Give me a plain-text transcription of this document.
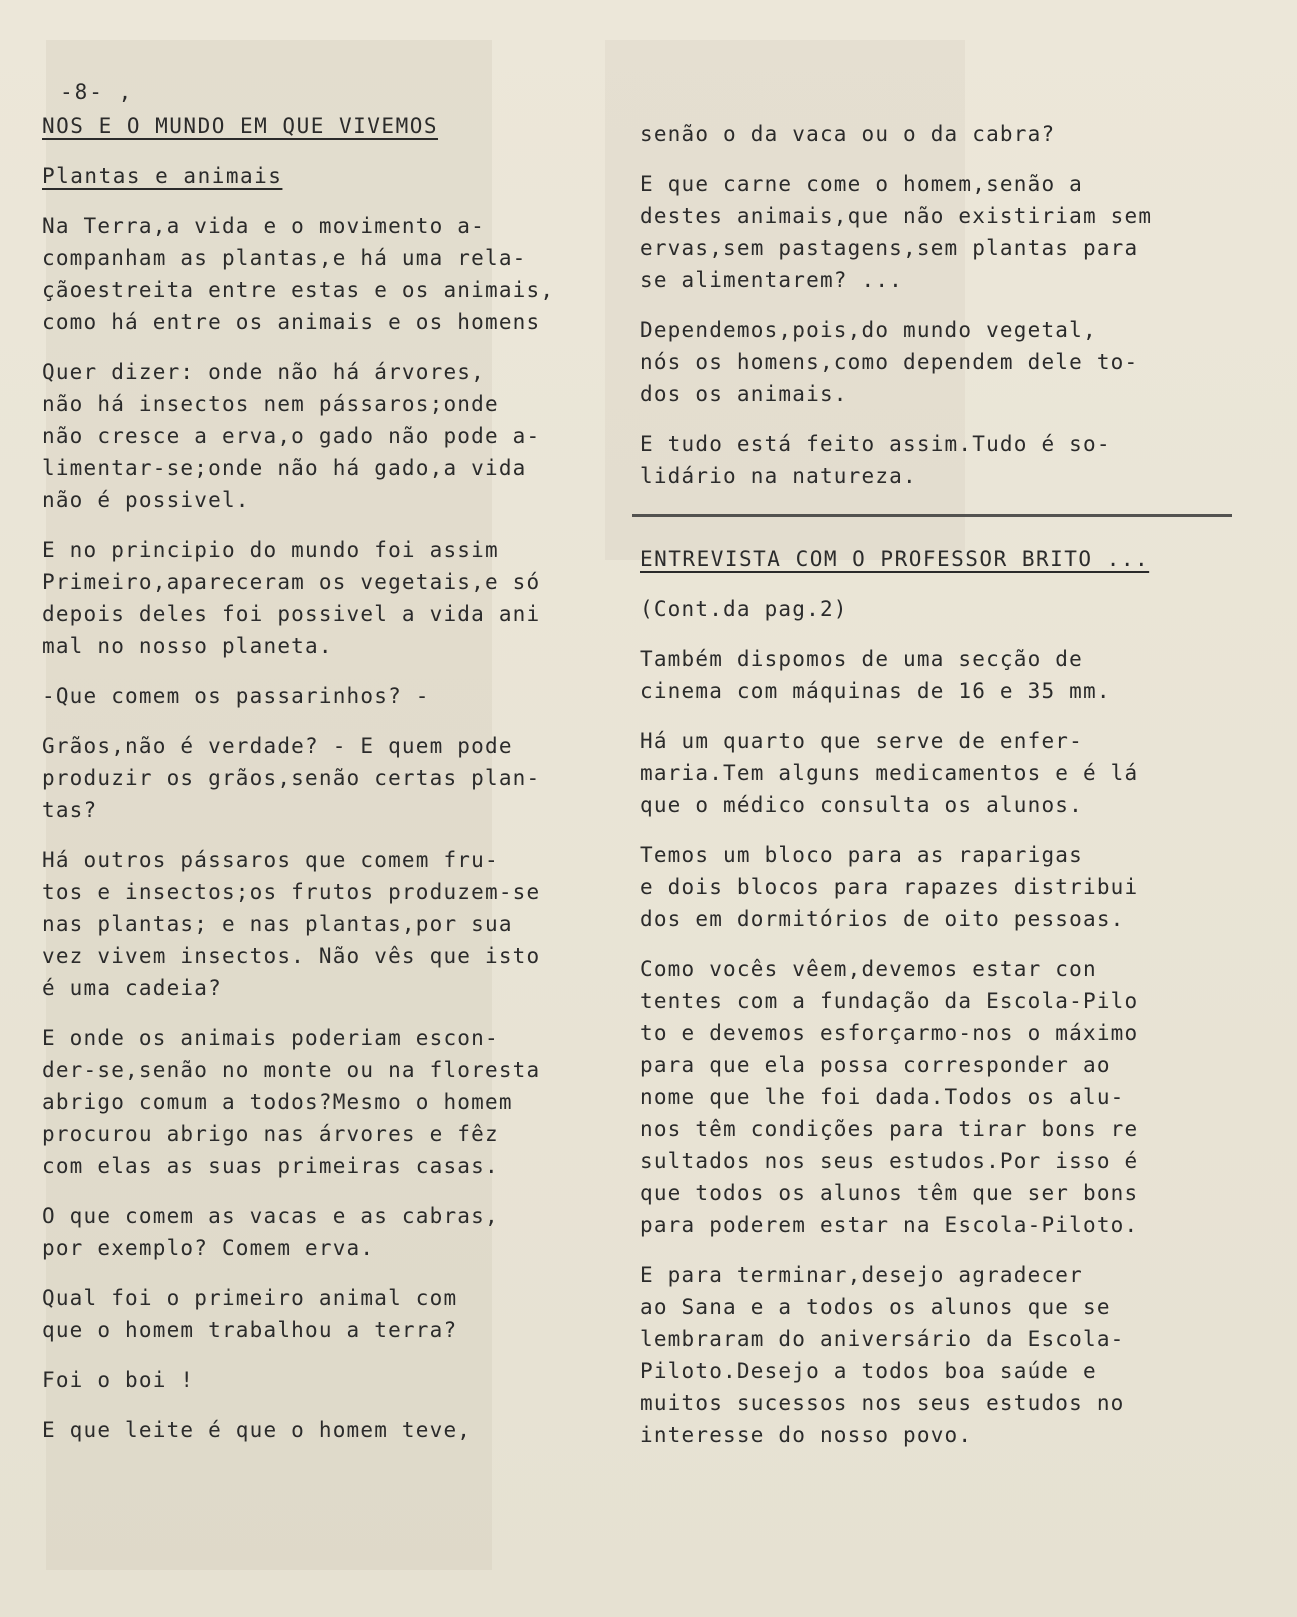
-8- ,

NOS E O MUNDO EM QUE VIVEMOS

Plantas e animais

Na Terra,a vida e o movimento a-
companham as plantas,e há uma rela-
çãoestreita entre estas e os animais,
como há entre os animais e os homens

Quer dizer: onde não há árvores,
não há insectos nem pássaros;onde
não cresce a erva,o gado não pode a-
limentar-se;onde não há gado,a vida
não é possivel.

E no principio do mundo foi assim
Primeiro,apareceram os vegetais,e só
depois deles foi possivel a vida ani
mal no nosso planeta.

-Que comem os passarinhos? -

Grãos,não é verdade? - E quem pode
produzir os grãos,senão certas plan-
tas?

Há outros pássaros que comem fru-
tos e insectos;os frutos produzem-se
nas plantas; e nas plantas,por sua
vez vivem insectos. Não vês que isto
é uma cadeia?

E onde os animais poderiam escon-
der-se,senão no monte ou na floresta
abrigo comum a todos?Mesmo o homem
procurou abrigo nas árvores e fêz
com elas as suas primeiras casas.

O que comem as vacas e as cabras,
por exemplo? Comem erva.

Qual foi o primeiro animal com
que o homem trabalhou a terra?

Foi o boi !

E que leite é que o homem teve,

senão o da vaca ou o da cabra?

E que carne come o homem,senão a
destes animais,que não existiriam sem
ervas,sem pastagens,sem plantas para
se alimentarem? ...

Dependemos,pois,do mundo vegetal,
nós os homens,como dependem dele to-
dos os animais.

E tudo está feito assim.Tudo é so-
lidário na natureza.

ENTREVISTA COM O PROFESSOR BRITO ...

(Cont.da pag.2)

Também dispomos de uma secção de
cinema com máquinas de 16 e 35 mm.

Há um quarto que serve de enfer-
maria.Tem alguns medicamentos e é lá
que o médico consulta os alunos.

Temos um bloco para as raparigas
e dois blocos para rapazes distribui
dos em dormitórios de oito pessoas.

Como vocês vêem,devemos estar con
tentes com a fundação da Escola-Pilo
to e devemos esforçarmo-nos o máximo
para que ela possa corresponder ao
nome que lhe foi dada.Todos os alu-
nos têm condições para tirar bons re
sultados nos seus estudos.Por isso é
que todos os alunos têm que ser bons
para poderem estar na Escola-Piloto.

E para terminar,desejo agradecer
ao Sana e a todos os alunos que se
lembraram do aniversário da Escola-
Piloto.Desejo a todos boa saúde e
muitos sucessos nos seus estudos no
interesse do nosso povo.
